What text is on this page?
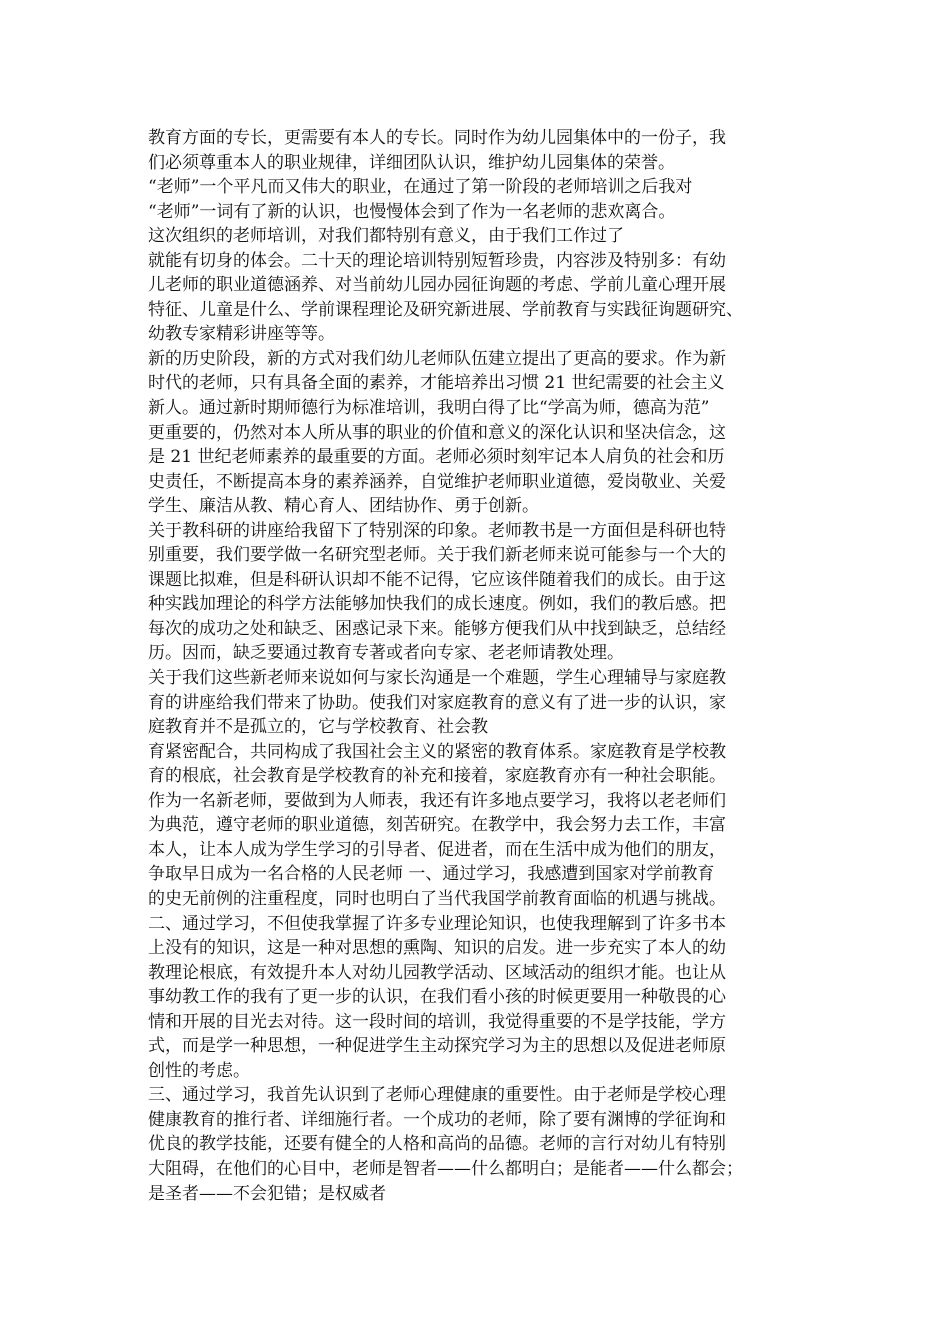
教育方面的专长，更需要有本人的专长。同时作为幼儿园集体中的一份子，我
们必须尊重本人的职业规律，详细团队认识，维护幼儿园集体的荣誉。
“老师”一个平凡而又伟大的职业，在通过了第一阶段的老师培训之后我对
“老师”一词有了新的认识，也慢慢体会到了作为一名老师的悲欢离合。
这次组织的老师培训，对我们都特别有意义，由于我们工作过了
就能有切身的体会。二十天的理论培训特别短暂珍贵，内容涉及特别多：有幼
儿老师的职业道德涵养、对当前幼儿园办园征询题的考虑、学前儿童心理开展
特征、儿童是什么、学前课程理论及研究新进展、学前教育与实践征询题研究、
幼教专家精彩讲座等等。
新的历史阶段，新的方式对我们幼儿老师队伍建立提出了更高的要求。作为新
时代的老师，只有具备全面的素养，才能培养出习惯 21 世纪需要的社会主义
新人。通过新时期师德行为标准培训，我明白得了比“学高为师，德高为范”
更重要的，仍然对本人所从事的职业的价值和意义的深化认识和坚决信念，这
是 21 世纪老师素养的最重要的方面。老师必须时刻牢记本人肩负的社会和历
史责任，不断提高本身的素养涵养，自觉维护老师职业道德，爱岗敬业、关爱
学生、廉洁从教、精心育人、团结协作、勇于创新。
关于教科研的讲座给我留下了特别深的印象。老师教书是一方面但是科研也特
别重要，我们要学做一名研究型老师。关于我们新老师来说可能参与一个大的
课题比拟难，但是科研认识却不能不记得，它应该伴随着我们的成长。由于这
种实践加理论的科学方法能够加快我们的成长速度。例如，我们的教后感。把
每次的成功之处和缺乏、困惑记录下来。能够方便我们从中找到缺乏，总结经
历。因而，缺乏要通过教育专著或者向专家、老老师请教处理。
关于我们这些新老师来说如何与家长沟通是一个难题，学生心理辅导与家庭教
育的讲座给我们带来了协助。使我们对家庭教育的意义有了进一步的认识，家
庭教育并不是孤立的，它与学校教育、社会教
育紧密配合，共同构成了我国社会主义的紧密的教育体系。家庭教育是学校教
育的根底，社会教育是学校教育的补充和接着，家庭教育亦有一种社会职能。
作为一名新老师，要做到为人师表，我还有许多地点要学习，我将以老老师们
为典范，遵守老师的职业道德，刻苦研究。在教学中，我会努力去工作，丰富
本人，让本人成为学生学习的引导者、促进者，而在生活中成为他们的朋友，
争取早日成为一名合格的人民老师 一、通过学习，我感遭到国家对学前教育
的史无前例的注重程度，同时也明白了当代我国学前教育面临的机遇与挑战。
二、通过学习，不但使我掌握了许多专业理论知识，也使我理解到了许多书本
上没有的知识，这是一种对思想的熏陶、知识的启发。进一步充实了本人的幼
教理论根底，有效提升本人对幼儿园教学活动、区域活动的组织才能。也让从
事幼教工作的我有了更一步的认识，在我们看小孩的时候更要用一种敬畏的心
情和开展的目光去对待。这一段时间的培训，我觉得重要的不是学技能，学方
式，而是学一种思想，一种促进学生主动探究学习为主的思想以及促进老师原
创性的考虑。
三、通过学习，我首先认识到了老师心理健康的重要性。由于老师是学校心理
健康教育的推行者、详细施行者。一个成功的老师，除了要有渊博的学征询和
优良的教学技能，还要有健全的人格和高尚的品德。老师的言行对幼儿有特别
大阻碍，在他们的心目中，老师是智者——什么都明白；是能者——什么都会；
是圣者——不会犯错；是权威者
